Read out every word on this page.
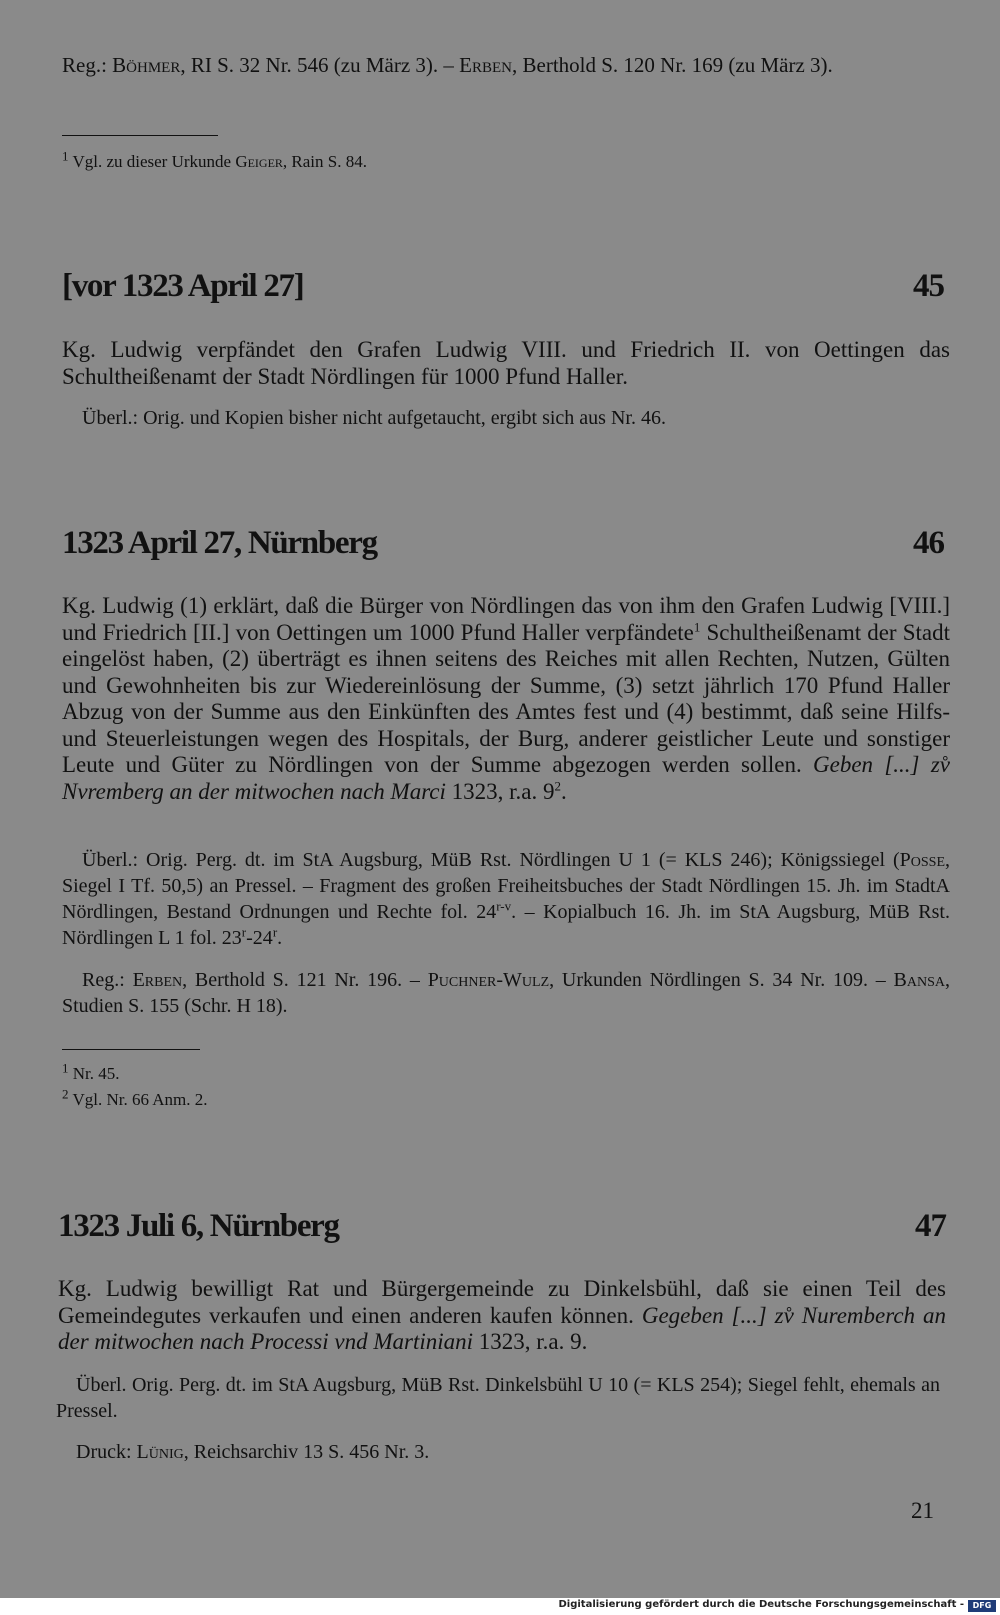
Reg.: Böhmer, RI S. 32 Nr. 546 (zu März 3). – Erben, Berthold S. 120 Nr. 169 (zu März 3).

$^1$ Vgl. zu dieser Urkunde Geiger, Rain S. 84.

[vor 1323 April 27]	45

Kg. Ludwig verpfändet den Grafen Ludwig VIII. und Friedrich II. von Oettingen das Schultheißenamt der Stadt Nördlingen für 1000 Pfund Haller.

Überl.: Orig. und Kopien bisher nicht aufgetaucht, ergibt sich aus Nr. 46.

1323 April 27, Nürnberg	46

Kg. Ludwig (1) erklärt, daß die Bürger von Nördlingen das von ihm den Grafen Ludwig [VIII.] und Friedrich [II.] von Oettingen um 1000 Pfund Haller verpfändete$^1$ Schultheißenamt der Stadt eingelöst haben, (2) überträgt es ihnen seitens des Reiches mit allen Rechten, Nutzen, Gülten und Gewohnheiten bis zur Wiedereinlösung der Summe, (3) setzt jährlich 170 Pfund Haller Abzug von der Summe aus den Einkünften des Amtes fest und (4) bestimmt, daß seine Hilfs- und Steuerleistungen wegen des Hospitals, der Burg, anderer geistlicher Leute und sonstiger Leute und Güter zu Nördlingen von der Summe abgezogen werden sollen. Geben [...] zv̊ Nvremberg an der mitwochen nach Marci 1323, r.a. $9^2$.

Überl.: Orig. Perg. dt. im StA Augsburg, MüB Rst. Nördlingen U 1 (= KLS 246); Königssiegel (Posse, Siegel I Tf. 50,5) an Pressel. – Fragment des großen Freiheitsbuches der Stadt Nördlingen 15. Jh. im StadtA Nördlingen, Bestand Ordnungen und Rechte fol. 24$^{r-v}$. – Kopialbuch 16. Jh. im StA Augsburg, MüB Rst. Nördlingen L 1 fol. 23$^r$-24$^r$.

Reg.: Erben, Berthold S. 121 Nr. 196. – Puchner-Wulz, Urkunden Nördlingen S. 34 Nr. 109. – Bansa, Studien S. 155 (Schr. H 18).

$^1$ Nr. 45.

$^2$ Vgl. Nr. 66 Anm. 2.

1323 Juli 6, Nürnberg	47

Kg. Ludwig bewilligt Rat und Bürgergemeinde zu Dinkelsbühl, daß sie einen Teil des Gemeindegutes verkaufen und einen anderen kaufen können. Gegeben [...] zv̊ Nuremberch an der mitwochen nach Processi vnd Martiniani 1323, r.a. 9.

Überl. Orig. Perg. dt. im StA Augsburg, MüB Rst. Dinkelsbühl U 10 (= KLS 254); Siegel fehlt, ehemals an Pressel.

Druck: Lünig, Reichsarchiv 13 S. 456 Nr. 3.

21
Digitalisierung gefördert durch die Deutsche Forschungsgemeinschaft -	DFG
